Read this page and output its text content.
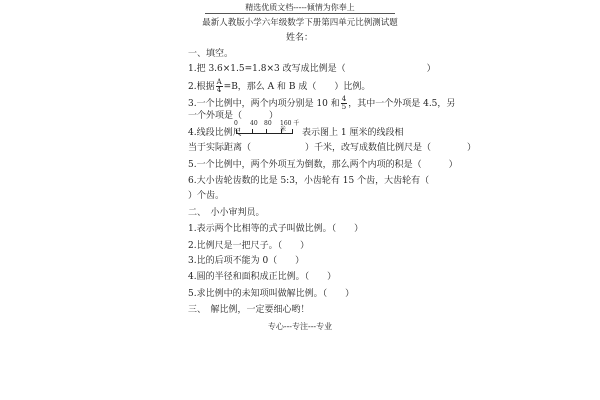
精选优质文档-----倾情为你奉上
最新人教版小学六年级数学下册第四单元比例测试题
姓名：
一、填空。
1.把 3.6×1.5=1.8×3 改写成比例是（　　　　　　　　　）
2.根据 $\frac{A}{4} =B$，那么 A 和 B 成（　　）比例。
3.一个比例中，两个内项分别是 10 和 $\frac{4}{5}$ ，其中一个外项是 4.5，另
一个外项是（　　　）
4.线段比例尺
0 40 80 160 千米	表示图上 1 厘米的线段相
当于实际距离（　　　　　　）千米，改写成数值比例尺是（　　　　）
5.一个比例中，两个外项互为倒数，那么两个内项的积是（　　　）
6.大小齿轮齿数的比是 5:3，小齿轮有 15 个齿，大齿轮有（
）个齿。
二、　小小审判员。
1.表示两个比相等的式子叫做比例。（　　）
2.比例尺是一把尺子。（　　）
3.比的后项不能为 0（　　）
4.圆的半径和面积成正比例。（　　）
5.求比例中的未知项叫做解比例。（　　）
三、　解比例，一定要细心哟！
专心---专注---专业
